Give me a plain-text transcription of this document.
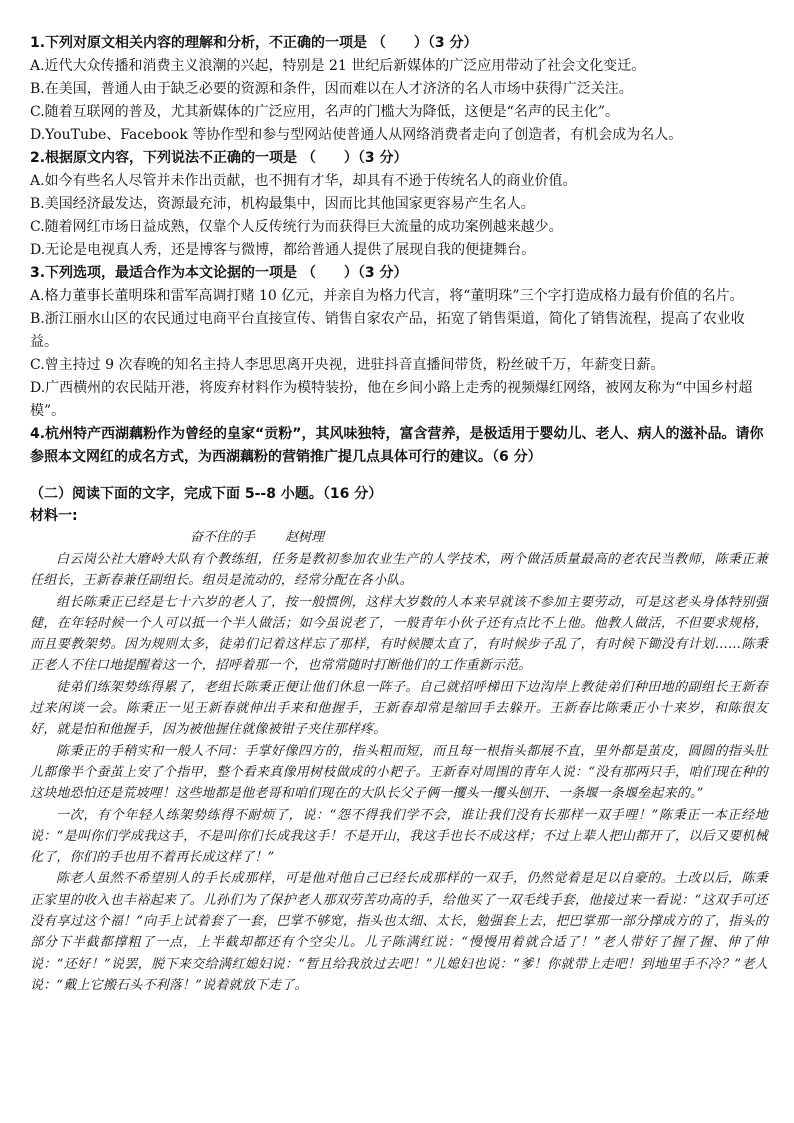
1.下列对原文相关内容的理解和分析，不正确的一项是 （　　）（3 分）

A.近代大众传播和消费主义浪潮的兴起，特别是 21 世纪后新媒体的广泛应用带动了社会文化变迁。

B.在美国，普通人由于缺乏必要的资源和条件，因而难以在人才济济的名人市场中获得广泛关注。

C.随着互联网的普及，尤其新媒体的广泛应用，名声的门槛大为降低，这便是“名声的民主化”。

D.YouTube、Facebook 等协作型和参与型网站使普通人从网络消费者走向了创造者，有机会成为名人。

2.根据原文内容，下列说法不正确的一项是 （　　）（3 分）

A.如今有些名人尽管并未作出贡献，也不拥有才华，却具有不逊于传统名人的商业价值。

B.美国经济最发达，资源最充沛，机构最集中，因而比其他国家更容易产生名人。

C.随着网红市场日益成熟，仅靠个人反传统行为而获得巨大流量的成功案例越来越少。

D.无论是电视真人秀，还是博客与微博，都给普通人提供了展现自我的便捷舞台。

3.下列选项，最适合作为本文论据的一项是 （　　）（3 分）

A.格力董事长董明珠和雷军高调打赌 10 亿元，并亲自为格力代言，将“董明珠”三个字打造成格力最有价值的名片。

B.浙江丽水山区的农民通过电商平台直接宣传、销售自家农产品，拓宽了销售渠道，简化了销售流程，提高了农业收益。

C.曾主持过 9 次春晚的知名主持人李思思离开央视，进驻抖音直播间带货，粉丝破千万，年薪变日薪。

D.广西横州的农民陆开港，将废弃材料作为模特装扮，他在乡间小路上走秀的视频爆红网络，被网友称为“中国乡村超模”。

4.杭州特产西湖藕粉作为曾经的皇家“贡粉”，其风味独特，富含营养，是极适用于婴幼儿、老人、病人的滋补品。请你参照本文网红的成名方式，为西湖藕粉的营销推广提几点具体可行的建议。（6 分）

（二）阅读下面的文字，完成下面 5--8 小题。（16 分）

材料一:

奋不住的手 赵树理

白云岗公社大磨岭大队有个教练组，任务是教初参加农业生产的人学技术，两个做活质量最高的老农民当教师，陈秉正兼任组长，王新春兼任副组长。组员是流动的，经常分配在各小队。

组长陈秉正已经是七十六岁的老人了，按一般惯例，这样大岁数的人本来早就该不参加主要劳动，可是这老头身体特别强健，在年轻时候一个人可以抵一个半人做活；如今虽说老了，一般青年小伙子还有点比不上他。他教人做活，不但要求规格，而且要教架势。因为规则太多，徒弟们记着这样忘了那样，有时候腰太直了，有时候步子乱了，有时候下锄没有计划……陈秉正老人不住口地提醒着这一个，招呼着那一个，也常常随时打断他们的工作重新示范。

徒弟们练架势练得累了，老组长陈秉正便让他们休息一阵子。自己就招呼梯田下边沟岸上教徒弟们种田地的副组长王新春过来闲谈一会。陈秉正一见王新春就伸出手来和他握手，王新春却常是缩回手去躲开。王新春比陈秉正小十来岁，和陈很友好，就是怕和他握手，因为被他握住就像被钳子夹住那样疼。

陈秉正的手稍实和一般人不同：手掌好像四方的，指头粗而短，而且每一根指头都展不直，里外都是茧皮，圆圆的指头肚儿都像半个蚕茧上安了个指甲，整个看来真像用树枝做成的小耙子。王新春对周围的青年人说：“没有那两只手，咱们现在种的这块地恐怕还是荒坡哩！这些地都是他老哥和咱们现在的大队长父子俩一攫头一攫头刨开、一条堰一条堰垒起来的。”

一次，有个年轻人练架势练得不耐烦了，说：“怨不得我们学不会，谁让我们没有长那样一双手哩！”陈秉正一本正经地说：“是叫你们学成我这手，不是叫你们长成我这手！不是开山，我这手也长不成这样；不过上辈人把山都开了，以后又要机械化了，你们的手也用不着再长成这样了！”

陈老人虽然不希望别人的手长成那样，可是他对他自己已经长成那样的一双手，仍然觉着是足以自豪的。土改以后，陈秉正家里的收入也丰裕起来了。儿孙们为了保护老人那双劳苦功高的手，给他买了一双毛线手套，他接过来一看说：“这双手可还没有享过这个福！”向手上试着套了一套，巴掌不够宽，指头也太细、太长，勉强套上去，把巴掌那一部分撑成方的了，指头的部分下半截都撑粗了一点，上半截却都还有个空尖儿。儿子陈满红说：“慢慢用着就合适了！”老人带好了握了握、伸了伸说：“还好！”说罢，脱下来交给满红媳妇说：“暂且给我放过去吧！”儿媳妇也说：“爹！你就带上走吧！到地里手不冷？”老人说：“戴上它搬石头不利落！”说着就放下走了。
